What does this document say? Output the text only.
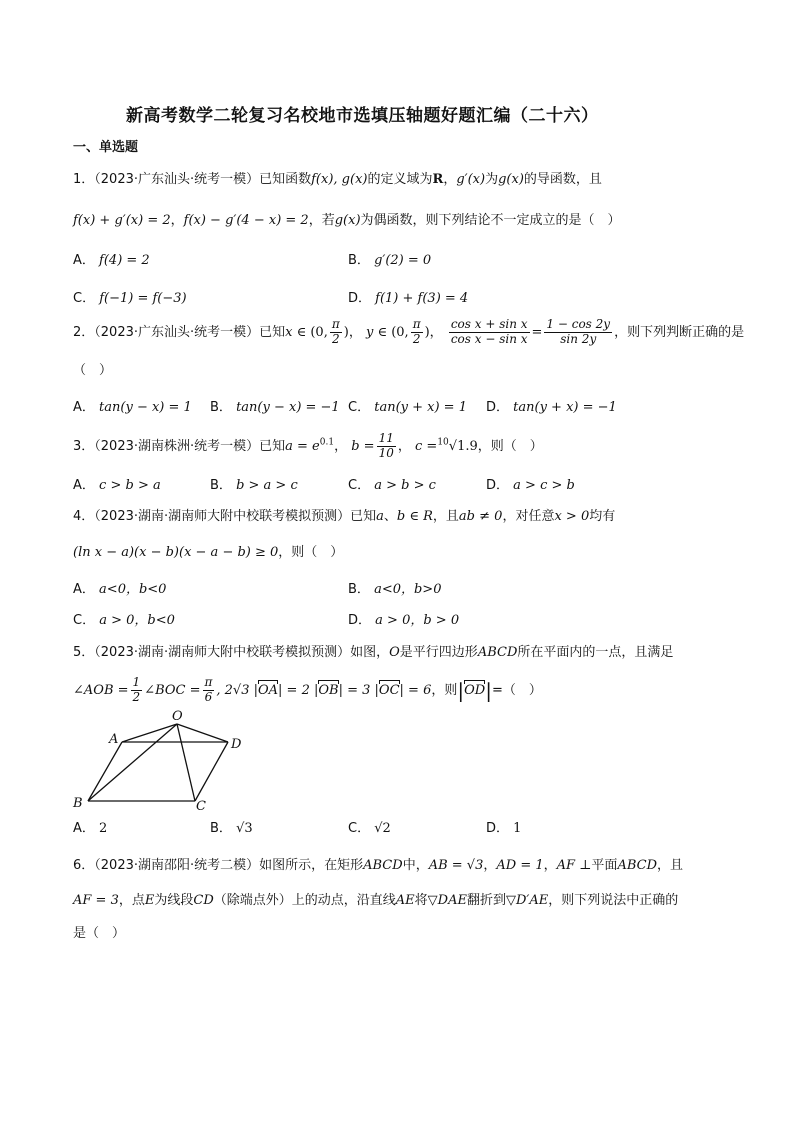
新高考数学二轮复习名校地市选填压轴题好题汇编（二十六）
一、单选题
1．（2023·广东汕头·统考一模）已知函数f(x), g(x)的定义域为R，g′(x)为g(x)的导函数，且
f(x) + g′(x) = 2，f(x) − g′(4 − x) = 2，若g(x)为偶函数，则下列结论不一定成立的是（　）
A． f(4) = 2	B． g′(2) = 0
C． f(−1) = f(−3)	D． f(1) + f(3) = 4
2．（2023·广东汕头·统考一模）已知x ∈ (0, $\frac{\pi}{2}$ )， y ∈ (0, $\frac{\pi}{2}$ )， $\frac{\text{cos x + sin x}}{\text{cos x − sin x}} = \frac{1 - \cos 2y}{\sin 2y}$ ，则下列判断正确的是
（　）
A． tan(y − x) = 1 B． tan(y − x) = −1 C． tan(y + x) = 1 D． tan(y + x) = −1
3．（2023·湖南株洲·统考一模）已知$a = e^{0.1}$， $b = \frac{11}{10}$ ， c =$^{10}$√1.9，则（　）
A． c > b > a	B． b > a > c	C． a > b > c	D． a > c > b
4．（2023·湖南·湖南师大附中校联考模拟预测）已知a、b ∈ R，且ab ≠ 0，对任意x > 0均有
(ln x − a)(x − b)(x − a − b) ≥ 0，则（　）
A． a<0，b<0	B． a<0，b>0
C． a > 0，b<0	D． a > 0，b > 0
5．（2023·湖南·湖南师大附中校联考模拟预测）如图，O是平行四边形ABCD所在平面内的一点，且满足
∠AOB = $\frac{1}{2}$ ∠BOC = $\frac{\pi}{6}$ , 2√3 |OA| = 2 |OB| = 3 |OC| = 6，则|OD|=（　）
O
A	D
B	C
A． 2	B． √3	C． √2	D． 1
6．（2023·湖南邵阳·统考二模）如图所示，在矩形ABCD中，AB = √3，AD = 1，AF ⊥平面ABCD，且
AF = 3，点E为线段CD（除端点外）上的动点，沿直线AE将▽DAE翻折到▽D′AE，则下列说法中正确的
是（　）
